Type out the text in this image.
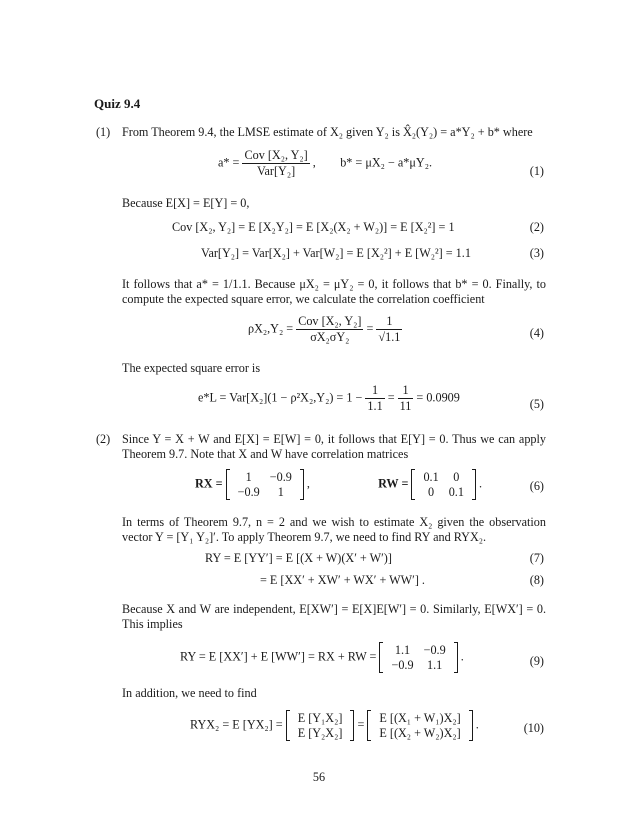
Quiz 9.4
(1) From Theorem 9.4, the LMSE estimate of X₂ given Y₂ is X̂₂(Y₂) = a*Y₂ + b* where
$a* = \frac{\text{Cov [X₂, Y₂]}}{\text{Var[Y₂]}}$ ,        b* = μX₂ − a*μY₂.
(1)
Because E[X] = E[Y] = 0,
Cov [X₂, Y₂] = E [X₂Y₂] = E [X₂(X₂ + W₂)] = E [X₂²] = 1	(2)
Var[Y₂] = Var[X₂] + Var[W₂] = E [X₂²] + E [W₂²] = 1.1	(3)
It follows that a* = 1/1.1. Because μX₂ = μY₂ = 0, it follows that b* = 0. Finally, to compute the expected square error, we calculate the correlation coefficient
$\rho X_2,Y_2 = \frac{\text{Cov [X₂, Y₂]}}{\text{σX₂σY₂}} = \frac{1}{√1.1}$	(4)
The expected square error is
$e*L = Var[X_2](1 - \rho^2X_2,Y_2) = 1 - \frac{1}{1.1} = \frac{1}{11} = 0.0909$	(5)
(2) Since Y = X + W and E[X] = E[W] = 0, it follows that E[Y] = 0. Thus we can apply Theorem 9.7. Note that X and W have correlation matrices
RX = 1	−0.9
−0.9	1
,	RW = 0.1	0
0	0.1
.	(6)
In terms of Theorem 9.7, n = 2 and we wish to estimate X₂ given the observation vector Y = [Y₁ Y₂]′. To apply Theorem 9.7, we need to find RY and RYX₂.
RY = E [YY′] = E [(X + W)(X′ + W′)]	(7)
= E [XX′ + XW′ + WX′ + WW′] .	(8)
Because X and W are independent, E[XW′] = E[X]E[W′] = 0. Similarly, E[WX′] = 0. This implies
RY = E [XX′] + E [WW′] = RX + RW = 1.1	−0.9
−0.9	1.1
.	(9)
In addition, we need to find
RYX₂ = E [YX₂] = E [Y₁X₂]
E [Y₂X₂]
= E [(X₁ + W₁)X₂]
E [(X₂ + W₂)X₂]
.	(10)
56
